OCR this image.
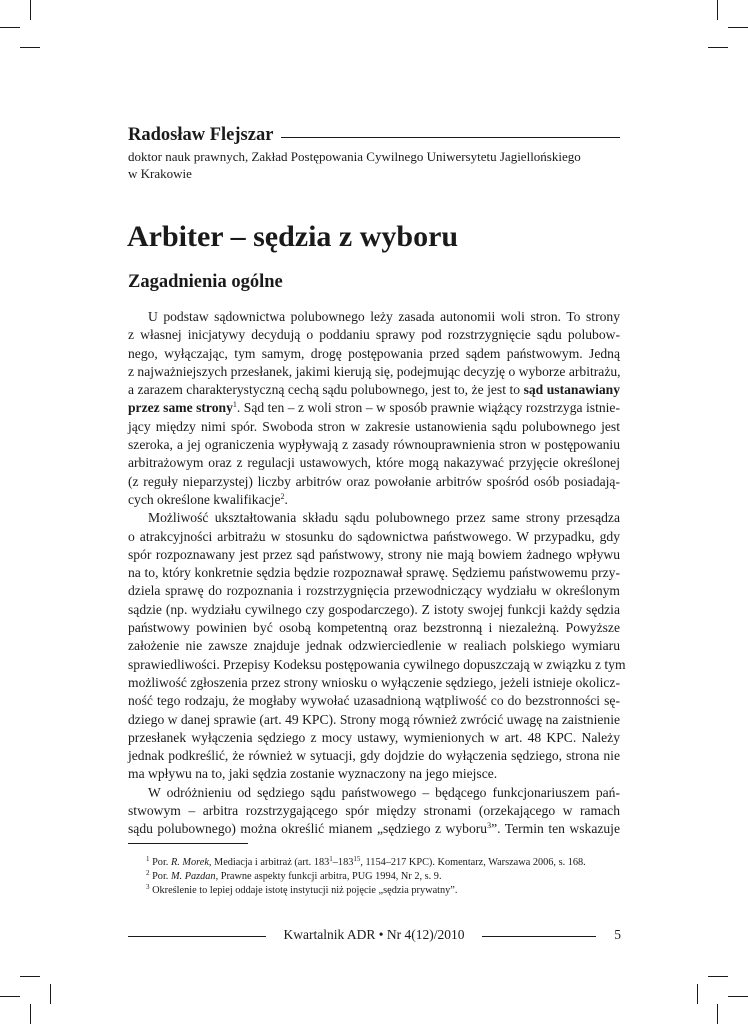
Radosław Flejszar
doktor nauk prawnych, Zakład Postępowania Cywilnego Uniwersytetu Jagiellońskiego
w Krakowie
Arbiter – sędzia z wyboru
Zagadnienia ogólne
U podstaw sądownictwa polubownego leży zasada autonomii woli stron. To strony
z własnej inicjatywy decydują o poddaniu sprawy pod rozstrzygnięcie sądu polubow-
nego, wyłączając, tym samym, drogę postępowania przed sądem państwowym. Jedną
z najważniejszych przesłanek, jakimi kierują się, podejmując decyzję o wyborze arbitrażu,
a zarazem charakterystyczną cechą sądu polubownego, jest to, że jest to sąd ustanawiany
przez same strony$^1$. Sąd ten – z woli stron – w sposób prawnie wiążący rozstrzyga istnie-
jący między nimi spór. Swoboda stron w zakresie ustanowienia sądu polubownego jest
szeroka, a jej ograniczenia wypływają z zasady równouprawnienia stron w postępowaniu
arbitrażowym oraz z regulacji ustawowych, które mogą nakazywać przyjęcie określonej
(z reguły nieparzystej) liczby arbitrów oraz powołanie arbitrów spośród osób posiadają-
cych określone kwalifikacje$^2$.
Możliwość ukształtowania składu sądu polubownego przez same strony przesądza
o atrakcyjności arbitrażu w stosunku do sądownictwa państwowego. W przypadku, gdy
spór rozpoznawany jest przez sąd państwowy, strony nie mają bowiem żadnego wpływu
na to, który konkretnie sędzia będzie rozpoznawał sprawę. Sędziemu państwowemu przy-
dziela sprawę do rozpoznania i rozstrzygnięcia przewodniczący wydziału w określonym
sądzie (np. wydziału cywilnego czy gospodarczego). Z istoty swojej funkcji każdy sędzia
państwowy powinien być osobą kompetentną oraz bezstronną i niezależną. Powyższe
założenie nie zawsze znajduje jednak odzwierciedlenie w realiach polskiego wymiaru
sprawiedliwości. Przepisy Kodeksu postępowania cywilnego dopuszczają w związku z tym
możliwość zgłoszenia przez strony wniosku o wyłączenie sędziego, jeżeli istnieje okolicz-
ność tego rodzaju, że mogłaby wywołać uzasadnioną wątpliwość co do bezstronności sę-
dziego w danej sprawie (art. 49 KPC). Strony mogą również zwrócić uwagę na zaistnienie
przesłanek wyłączenia sędziego z mocy ustawy, wymienionych w art. 48 KPC. Należy
jednak podkreślić, że również w sytuacji, gdy dojdzie do wyłączenia sędziego, strona nie
ma wpływu na to, jaki sędzia zostanie wyznaczony na jego miejsce.
W odróżnieniu od sędziego sądu państwowego – będącego funkcjonariuszem pań-
stwowym – arbitra rozstrzygającego spór między stronami (orzekającego w ramach
sądu polubownego) można określić mianem „sędziego z wyboru$^3$”. Termin ten wskazuje
$^1$ Por. R. Morek, Mediacja i arbitraż (art. $183^1-183^{15}$, 1154–217 KPC). Komentarz, Warszawa 2006, s. 168.
$^2$ Por. M. Pazdan, Prawne aspekty funkcji arbitra, PUG 1994, Nr 2, s. 9.
$^3$ Określenie to lepiej oddaje istotę instytucji niż pojęcie „sędzia prywatny”.
Kwartalnik ADR • Nr 4(12)/2010	5
